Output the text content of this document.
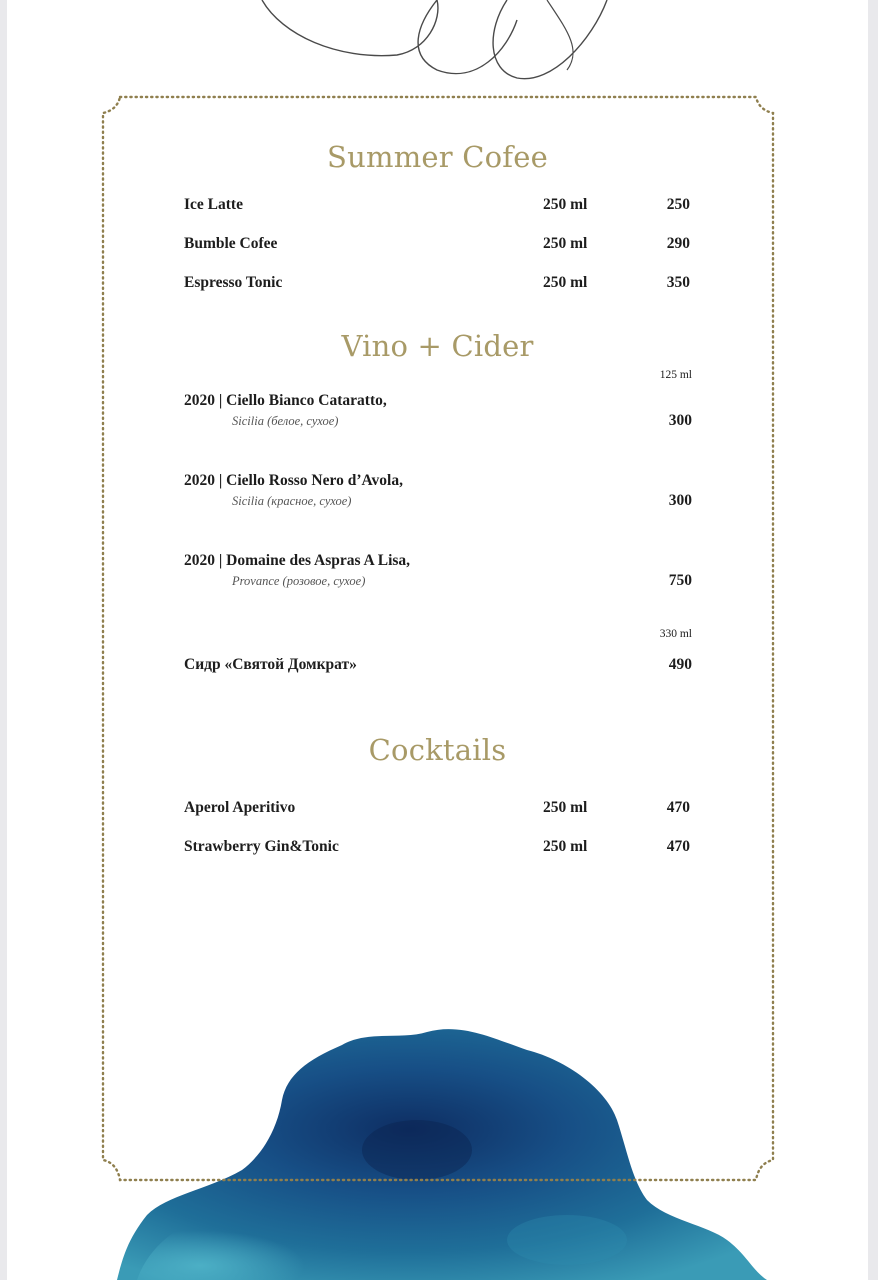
Summer Cofee
Ice Latte	250 ml	250
Bumble Cofee	250 ml	290
Espresso Tonic	250 ml	350
Vino + Cider
125 ml
2020 | Ciello Bianco Cataratto,
Sicilia (белое, сухое)	300
2020 | Ciello Rosso Nero d’Avola,
Sicilia (красное, сухое)	300
2020 | Domaine des Aspras A Lisa,
Provance (розовое, сухое)	750
330 ml
Сидр «Святой Домкрат»	490
Cocktails
Aperol Aperitivo	250 ml	470
Strawberry Gin&Tonic	250 ml	470
